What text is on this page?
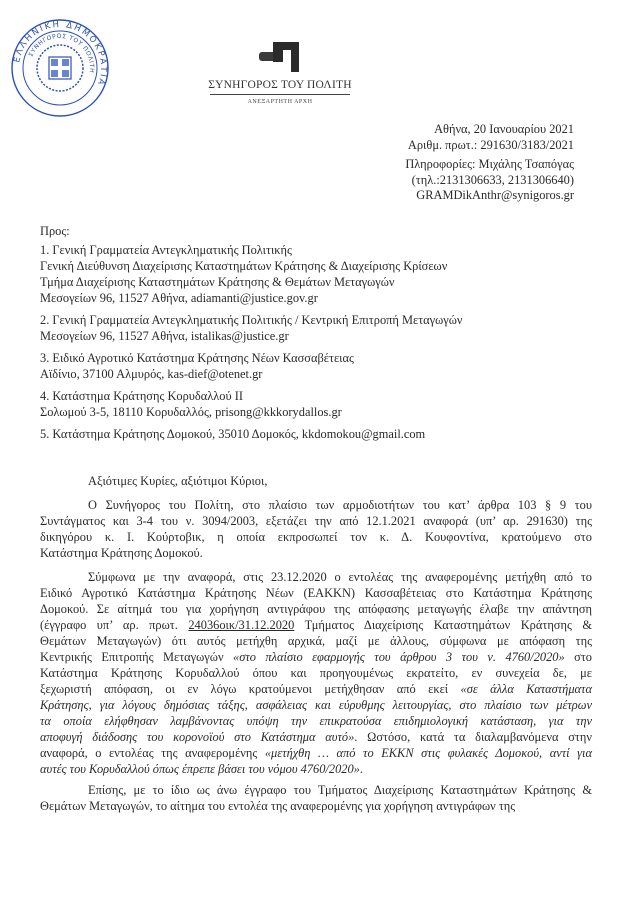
ΕΛΛΗΝΙΚΗ ΔΗΜΟΚΡΑΤΙΑ
ΣΥΝΗΓΟΡΟΣ ΤΟΥ ΠΟΛΙΤΗ
ΣΥΝΗΓΟΡΟΣ ΤΟΥ ΠΟΛΙΤΗ
ΑΝΕΞΑΡΤΗΤΗ ΑΡΧΗ
Αθήνα, 20 Ιανουαρίου 2021
Αριθμ. πρωτ.: 291630/3183/2021
Πληροφορίες: Μιχάλης Τσαπόγας
(τηλ.:2131306633, 2131306640)
GRAMDikAnthr@synigoros.gr
Προς:
1. Γενική Γραμματεία Αντεγκληματικής Πολιτικής
Γενική Διεύθυνση Διαχείρισης Καταστημάτων Κράτησης & Διαχείρισης Κρίσεων
Τμήμα Διαχείρισης Καταστημάτων Κράτησης & Θεμάτων Μεταγωγών
Μεσογείων 96, 11527 Αθήνα, adiamanti@justice.gov.gr
2. Γενική Γραμματεία Αντεγκληματικής Πολιτικής / Κεντρική Επιτροπή Μεταγωγών
Μεσογείων 96, 11527 Αθήνα, istalikas@justice.gr
3. Ειδικό Αγροτικό Κατάστημα Κράτησης Νέων Κασσαβέτειας
Αϊδίνιο, 37100 Αλμυρός, kas-dief@otenet.gr
4. Κατάστημα Κράτησης Κορυδαλλού ΙΙ
Σολωμού 3-5, 18110 Κορυδαλλός, prisong@kkkorydallos.gr
5. Κατάστημα Κράτησης Δομοκού, 35010 Δομοκός, kkdomokou@gmail.com
Αξιότιμες Κυρίες, αξιότιμοι Κύριοι,
Ο Συνήγορος του Πολίτη, στο πλαίσιο των αρμοδιοτήτων του κατ’ άρθρα 103 § 9 του
Συντάγματος και 3-4 του ν. 3094/2003, εξετάζει την από 12.1.2021 αναφορά (υπ’ αρ. 291630) της
δικηγόρου κ. Ι. Κούρτοβικ, η οποία εκπροσωπεί τον κ. Δ. Κουφοντίνα, κρατούμενο στο
Κατάστημα Κράτησης Δομοκού.
Σύμφωνα με την αναφορά, στις 23.12.2020 ο εντολέας της αναφερομένης μετήχθη από το
Ειδικό Αγροτικό Κατάστημα Κράτησης Νέων (ΕΑΚΚΝ) Κασσαβέτειας στο Κατάστημα Κράτησης
Δομοκού. Σε αίτημά του για χορήγηση αντιγράφου της απόφασης μεταγωγής έλαβε την απάντηση
(έγγραφο υπ’ αρ. πρωτ. 24036οικ/31.12.2020 Τμήματος Διαχείρισης Καταστημάτων Κράτησης &
Θεμάτων Μεταγωγών) ότι αυτός μετήχθη αρχικά, μαζί με άλλους, σύμφωνα με απόφαση της
Κεντρικής Επιτροπής Μεταγωγών «στο πλαίσιο εφαρμογής του άρθρου 3 του ν. 4760/2020» στο
Κατάστημα Κράτησης Κορυδαλλού όπου και προηγουμένως εκρατείτο, εν συνεχεία δε, με
ξεχωριστή απόφαση, οι εν λόγω κρατούμενοι μετήχθησαν από εκεί «σε άλλα Καταστήματα
Κράτησης, για λόγους δημόσιας τάξης, ασφάλειας και εύρυθμης λειτουργίας, στο πλαίσιο των μέτρων
τα οποία ελήφθησαν λαμβάνοντας υπόψη την επικρατούσα επιδημιολογική κατάσταση, για την
αποφυγή διάδοσης του κορονοϊού στο Κατάστημα αυτό». Ωστόσο, κατά τα διαλαμβανόμενα στην
αναφορά, ο εντολέας της αναφερομένης «μετήχθη … από το ΕΚΚΝ στις φυλακές Δομοκού, αντί για
αυτές του Κορυδαλλού όπως έπρεπε βάσει του νόμου 4760/2020».
Επίσης, με το ίδιο ως άνω έγγραφο του Τμήματος Διαχείρισης Καταστημάτων Κράτησης &
Θεμάτων Μεταγωγών, το αίτημα του εντολέα της αναφερομένης για χορήγηση αντιγράφων της
